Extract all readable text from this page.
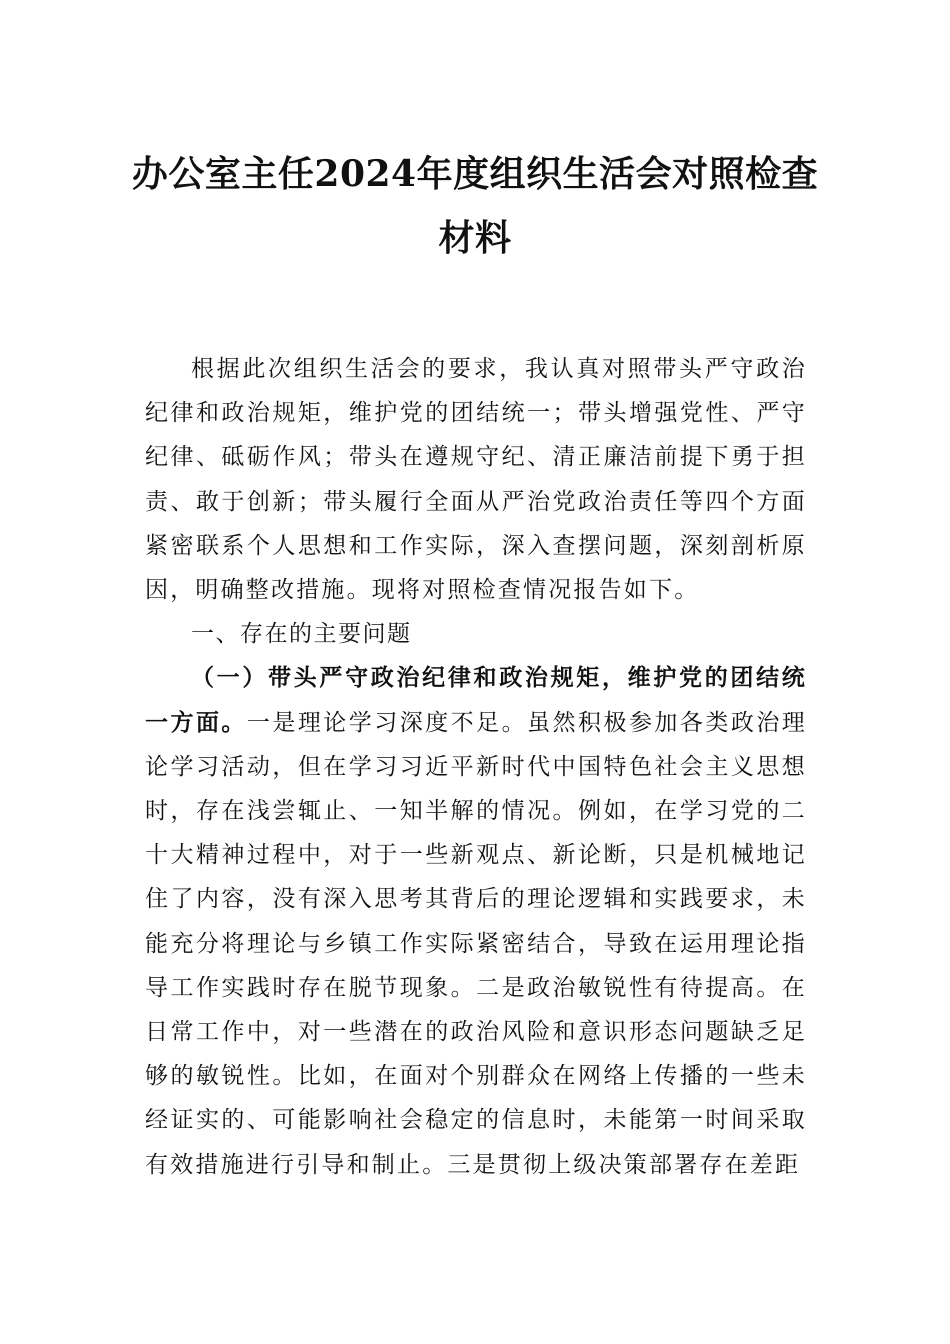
办公室主任2024年度组织生活会对照检查
材料

根据此次组织生活会的要求，我认真对照带头严守政治纪律和政治规矩，维护党的团结统一；带头增强党性、严守纪律、砥砺作风；带头在遵规守纪、清正廉洁前提下勇于担责、敢于创新；带头履行全面从严治党政治责任等四个方面紧密联系个人思想和工作实际，深入查摆问题，深刻剖析原因，明确整改措施。现将对照检查情况报告如下。

一、存在的主要问题

（一）带头严守政治纪律和政治规矩，维护党的团结统一方面。一是理论学习深度不足。虽然积极参加各类政治理论学习活动，但在学习习近平新时代中国特色社会主义思想时，存在浅尝辄止、一知半解的情况。例如，在学习党的二十大精神过程中，对于一些新观点、新论断，只是机械地记住了内容，没有深入思考其背后的理论逻辑和实践要求，未能充分将理论与乡镇工作实际紧密结合，导致在运用理论指导工作实践时存在脱节现象。二是政治敏锐性有待提高。在日常工作中，对一些潜在的政治风险和意识形态问题缺乏足够的敏锐性。比如，在面对个别群众在网络上传播的一些未经证实的、可能影响社会稳定的信息时，未能第一时间采取有效措施进行引导和制止。三是贯彻上级决策部署存在差距
